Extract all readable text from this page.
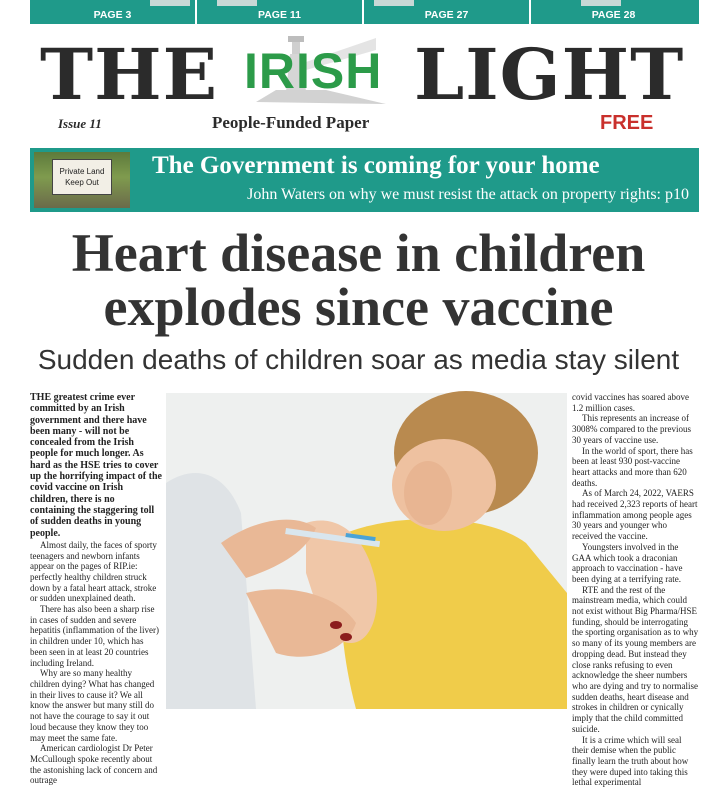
PAGE 3	PAGE 11	PAGE 27	PAGE 28
THE IRISH LIGHT
Issue 11	People-Funded Paper	FREE
Private Land
Keep Out
The Government is coming for your home
John Waters on why we must resist the attack on property rights: p10
Heart disease in children
explodes since vaccine
Sudden deaths of children soar as media stay silent

THE greatest crime ever committed by an Irish government and there have been many - will not be concealed from the Irish people for much longer. As hard as the HSE tries to cover up the horrifying impact of the covid vaccine on Irish children, there is no containing the staggering toll of sudden deaths in young people.

Almost daily, the faces of sporty teenagers and newborn infants appear on the pages of RIP.ie: perfectly healthy children struck down by a fatal heart attack, stroke or sudden unexplained death.

There has also been a sharp rise in cases of sudden and severe hepatitis (inflammation of the liver) in children under 10, which has been seen in at least 20 countries including Ireland.

Why are so many healthy children dying? What has changed in their lives to cause it? We all know the answer but many still do not have the courage to say it out loud because they know they too may meet the same fate.

American cardiologist Dr Peter McCullough spoke recently about the astonishing lack of concern and outrage

covid vaccines has soared above 1.2 million cases.

This represents an increase of 3008% compared to the previous 30 years of vaccine use.

In the world of sport, there has been at least 930 post-vaccine heart attacks and more than 620 deaths.

As of March 24, 2022, VAERS had received 2,323 reports of heart inflammation among people ages 30 years and younger who received the vaccine.

Youngsters involved in the GAA which took a draconian approach to vaccination - have been dying at a terrifying rate.

RTE and the rest of the mainstream media, which could not exist without Big Pharma/HSE funding, should be interrogating the sporting organisation as to why so many of its young members are dropping dead. But instead they close ranks refusing to even acknowledge the sheer numbers who are dying and try to normalise sudden deaths, heart disease and strokes in children or cynically imply that the child committed suicide.

It is a crime which will seal their demise when the public finally learn the truth about how they were duped into taking this lethal experimental
